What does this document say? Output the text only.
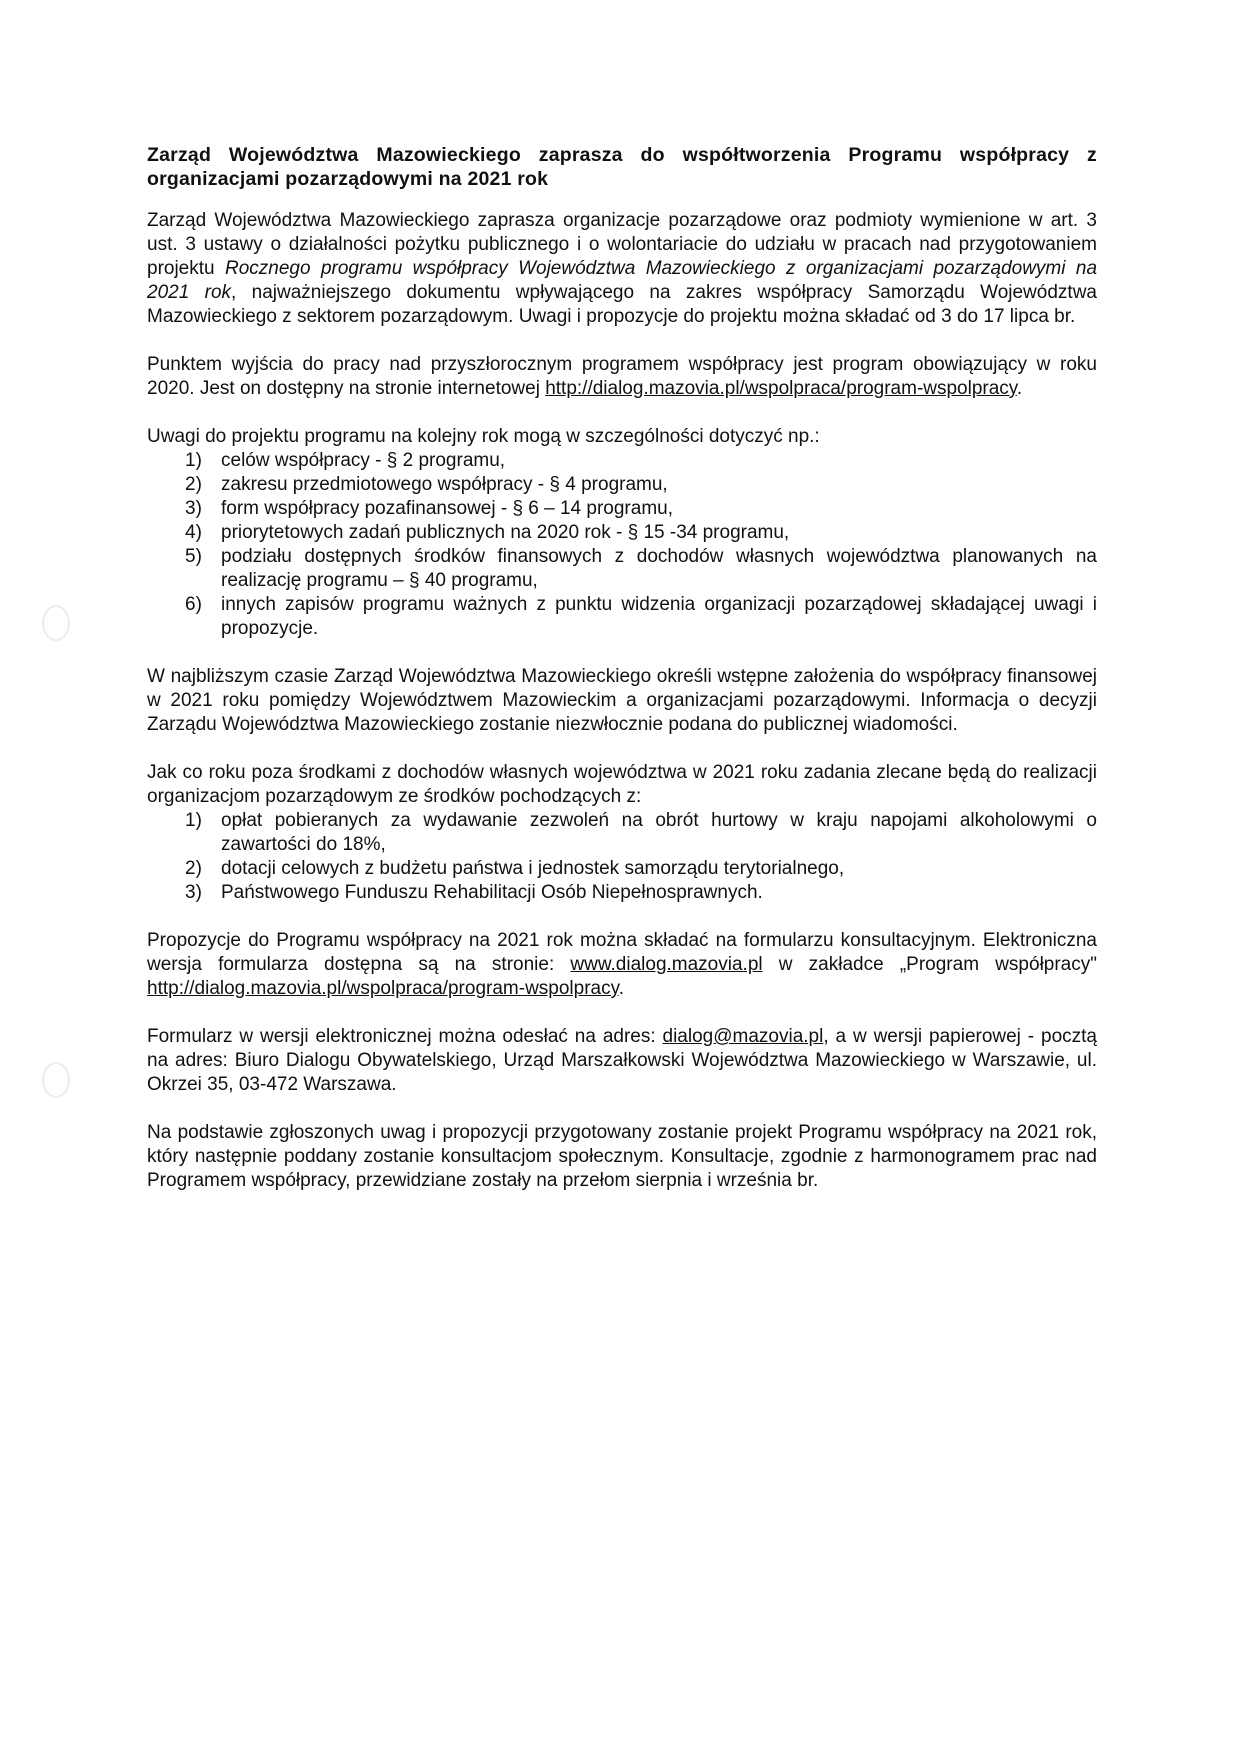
Zarząd Województwa Mazowieckiego zaprasza do współtworzenia Programu współpracy z organizacjami pozarządowymi na 2021 rok

Zarząd Województwa Mazowieckiego zaprasza organizacje pozarządowe oraz podmioty wymienione w art. 3 ust. 3 ustawy o działalności pożytku publicznego i o wolontariacie do udziału w pracach nad przygotowaniem projektu Rocznego programu współpracy Województwa Mazowieckiego z organizacjami pozarządowymi na 2021 rok, najważniejszego dokumentu wpływającego na zakres współpracy Samorządu Województwa Mazowieckiego z sektorem pozarządowym. Uwagi i propozycje do projektu można składać od 3 do 17 lipca br.

Punktem wyjścia do pracy nad przyszłorocznym programem współpracy jest program obowiązujący w roku 2020. Jest on dostępny na stronie internetowej http://dialog.mazovia.pl/wspolpraca/program-wspolpracy.

Uwagi do projektu programu na kolejny rok mogą w szczególności dotyczyć np.:

1) celów współpracy - § 2 programu,
2) zakresu przedmiotowego współpracy - § 4 programu,
3) form współpracy pozafinansowej - § 6 – 14 programu,
4) priorytetowych zadań publicznych na 2020 rok - § 15 -34 programu,
5) podziału dostępnych środków finansowych z dochodów własnych województwa planowanych na realizację programu – § 40 programu,
6) innych zapisów programu ważnych z punktu widzenia organizacji pozarządowej składającej uwagi i propozycje.

W najbliższym czasie Zarząd Województwa Mazowieckiego określi wstępne założenia do współpracy finansowej w 2021 roku pomiędzy Województwem Mazowieckim a organizacjami pozarządowymi. Informacja o decyzji Zarządu Województwa Mazowieckiego zostanie niezwłocznie podana do publicznej wiadomości.

Jak co roku poza środkami z dochodów własnych województwa w 2021 roku zadania zlecane będą do realizacji organizacjom pozarządowym ze środków pochodzących z:

1) opłat pobieranych za wydawanie zezwoleń na obrót hurtowy w kraju napojami alkoholowymi o zawartości do 18%,
2) dotacji celowych z budżetu państwa i jednostek samorządu terytorialnego,
3) Państwowego Funduszu Rehabilitacji Osób Niepełnosprawnych.

Propozycje do Programu współpracy na 2021 rok można składać na formularzu konsultacyjnym. Elektroniczna wersja formularza dostępna są na stronie: www.dialog.mazovia.pl w zakładce „Program współpracy" http://dialog.mazovia.pl/wspolpraca/program-wspolpracy.

Formularz w wersji elektronicznej można odesłać na adres: dialog@mazovia.pl, a w wersji papierowej - pocztą na adres: Biuro Dialogu Obywatelskiego, Urząd Marszałkowski Województwa Mazowieckiego w Warszawie, ul. Okrzei 35, 03-472 Warszawa.

Na podstawie zgłoszonych uwag i propozycji przygotowany zostanie projekt Programu współpracy na 2021 rok, który następnie poddany zostanie konsultacjom społecznym. Konsultacje, zgodnie z harmonogramem prac nad Programem współpracy, przewidziane zostały na przełom sierpnia i września br.
